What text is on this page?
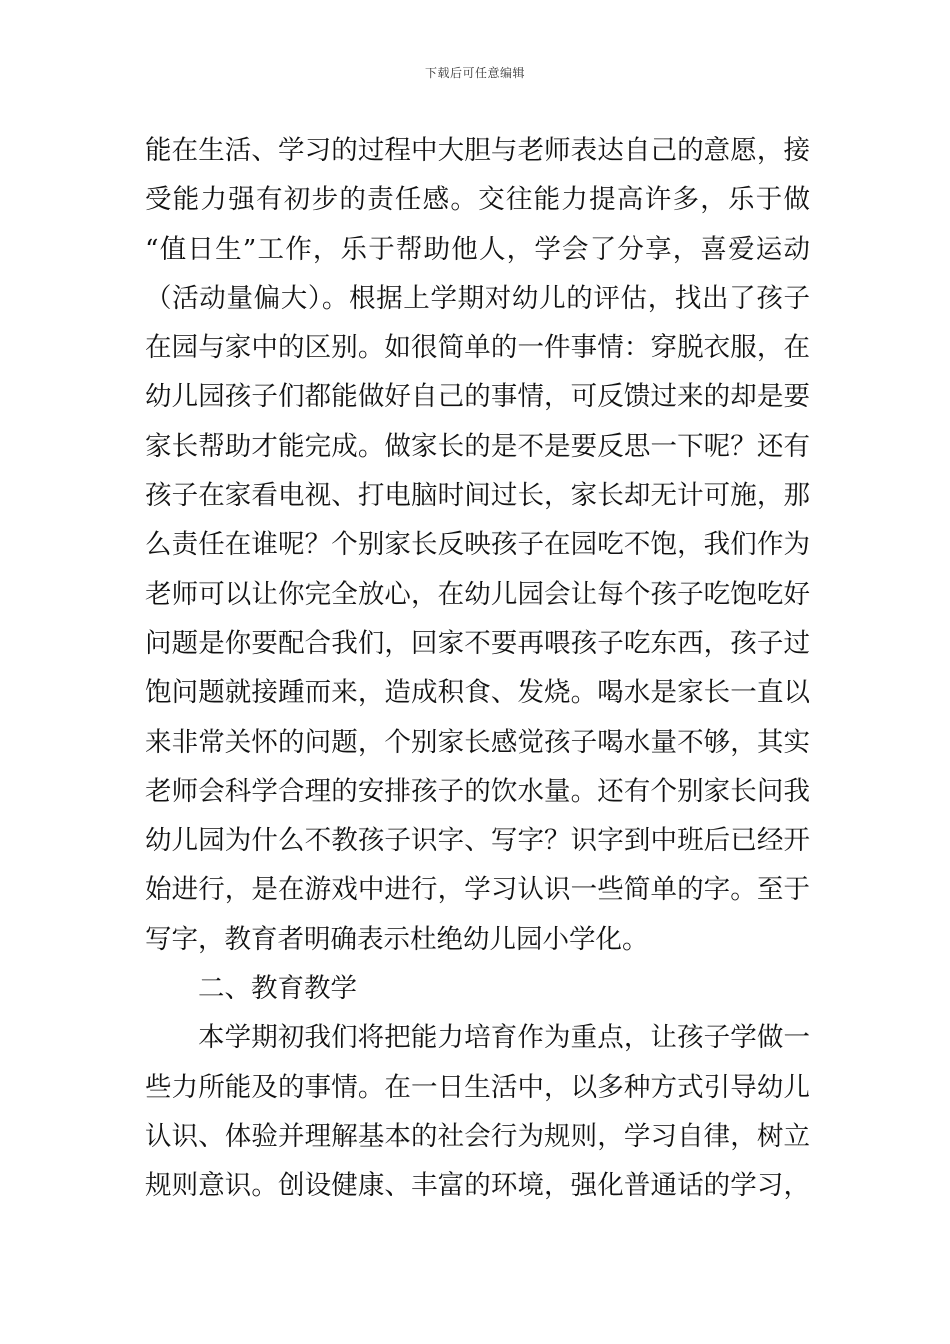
下载后可任意编辑
能在生活、学习的过程中大胆与老师表达自己的意愿，接
受能力强有初步的责任感。交往能力提高许多，乐于做
“值日生”工作，乐于帮助他人，学会了分享，喜爱运动
（活动量偏大）。根据上学期对幼儿的评估，找出了孩子
在园与家中的区别。如很简单的一件事情：穿脱衣服，在
幼儿园孩子们都能做好自己的事情，可反馈过来的却是要
家长帮助才能完成。做家长的是不是要反思一下呢？还有
孩子在家看电视、打电脑时间过长，家长却无计可施，那
么责任在谁呢？个别家长反映孩子在园吃不饱，我们作为
老师可以让你完全放心，在幼儿园会让每个孩子吃饱吃好
问题是你要配合我们，回家不要再喂孩子吃东西，孩子过
饱问题就接踵而来，造成积食、发烧。喝水是家长一直以
来非常关怀的问题，个别家长感觉孩子喝水量不够，其实
老师会科学合理的安排孩子的饮水量。还有个别家长问我
幼儿园为什么不教孩子识字、写字？识字到中班后已经开
始进行，是在游戏中进行，学习认识一些简单的字。至于
写字，教育者明确表示杜绝幼儿园小学化。
二、教育教学
本学期初我们将把能力培育作为重点，让孩子学做一
些力所能及的事情。在一日生活中，以多种方式引导幼儿
认识、体验并理解基本的社会行为规则，学习自律，树立
规则意识。创设健康、丰富的环境，强化普通话的学习，
